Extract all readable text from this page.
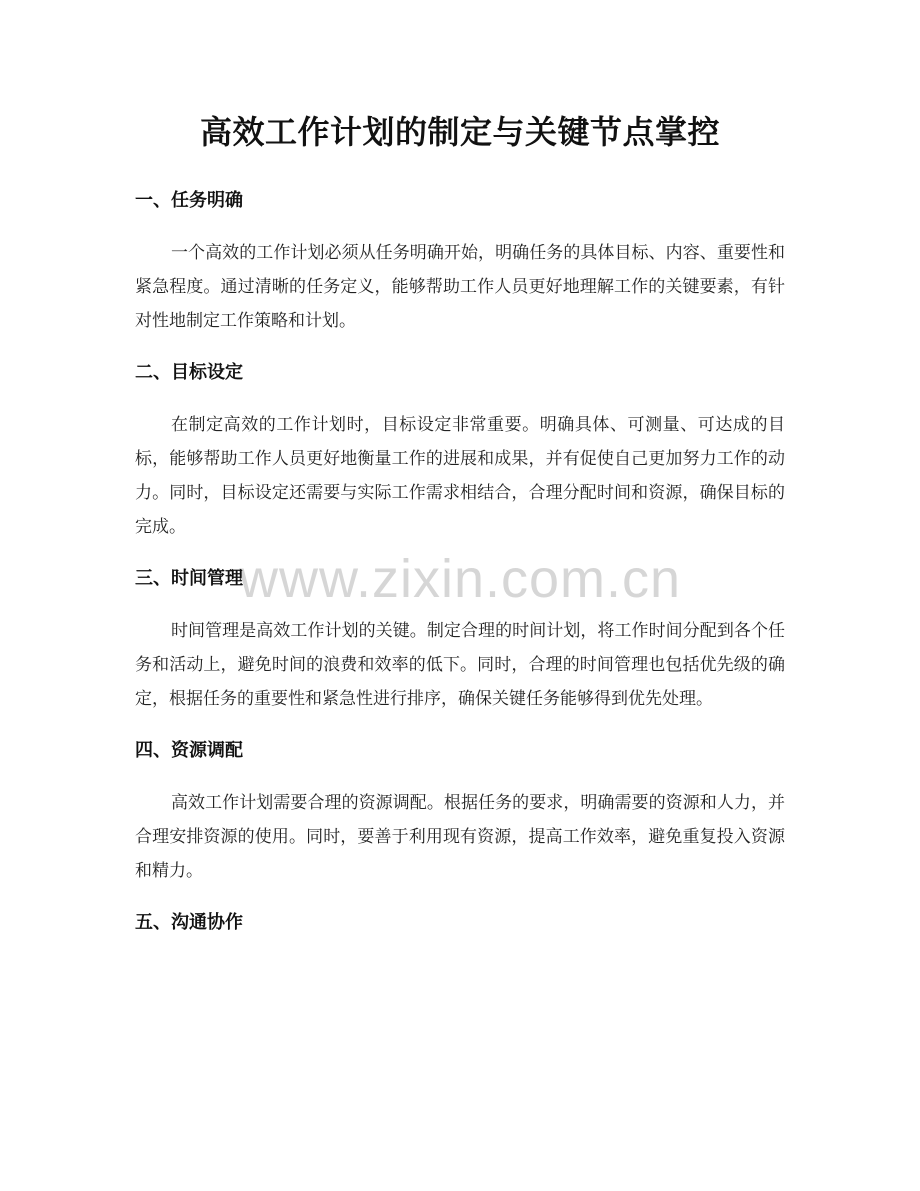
www.zixin.com.cn
高效工作计划的制定与关键节点掌控
一、任务明确

一个高效的工作计划必须从任务明确开始，明确任务的具体目标、内容、重要性和紧急程度。通过清晰的任务定义，能够帮助工作人员更好地理解工作的关键要素，有针对性地制定工作策略和计划。

二、目标设定

在制定高效的工作计划时，目标设定非常重要。明确具体、可测量、可达成的目标，能够帮助工作人员更好地衡量工作的进展和成果，并有促使自己更加努力工作的动力。同时，目标设定还需要与实际工作需求相结合，合理分配时间和资源，确保目标的完成。

三、时间管理

时间管理是高效工作计划的关键。制定合理的时间计划，将工作时间分配到各个任务和活动上，避免时间的浪费和效率的低下。同时，合理的时间管理也包括优先级的确定，根据任务的重要性和紧急性进行排序，确保关键任务能够得到优先处理。

四、资源调配

高效工作计划需要合理的资源调配。根据任务的要求，明确需要的资源和人力，并合理安排资源的使用。同时，要善于利用现有资源，提高工作效率，避免重复投入资源和精力。

五、沟通协作
